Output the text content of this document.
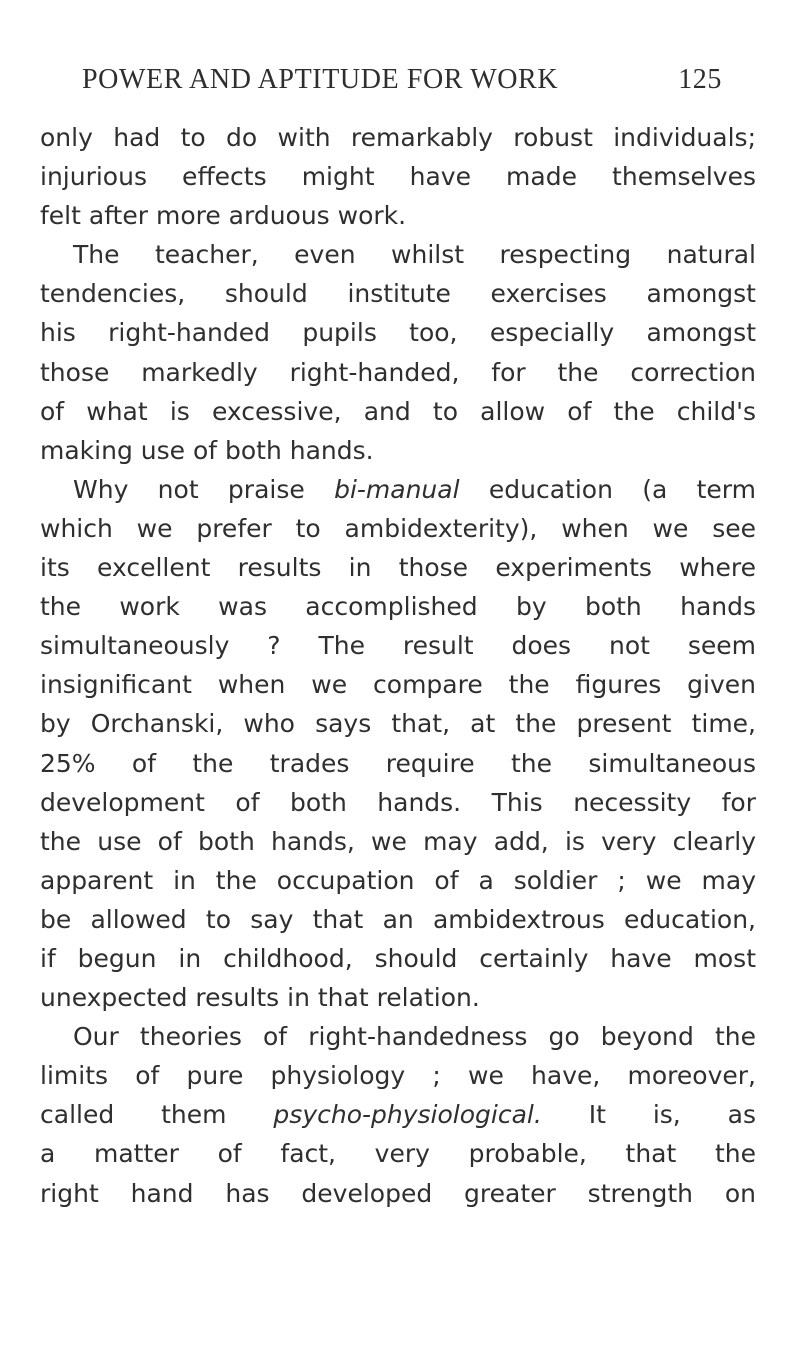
POWER AND APTITUDE FOR WORK	125
only had to do with remarkably robust individuals;
injurious effects might have made themselves
felt after more arduous work.
The teacher, even whilst respecting natural
tendencies, should institute exercises amongst
his right-handed pupils too, especially amongst
those markedly right-handed, for the correction
of what is excessive, and to allow of the child's
making use of both hands.
Why not praise bi-manual education (a term
which we prefer to ambidexterity), when we see
its excellent results in those experiments where
the work was accomplished by both hands
simultaneously ? The result does not seem
insignificant when we compare the figures given
by Orchanski, who says that, at the present time,
25% of the trades require the simultaneous
development of both hands. This necessity for
the use of both hands, we may add, is very clearly
apparent in the occupation of a soldier ; we may
be allowed to say that an ambidextrous education,
if begun in childhood, should certainly have most
unexpected results in that relation.
Our theories of right-handedness go beyond the
limits of pure physiology ; we have, moreover,
called them psycho-physiological. It is, as
a matter of fact, very probable, that the
right hand has developed greater strength on
